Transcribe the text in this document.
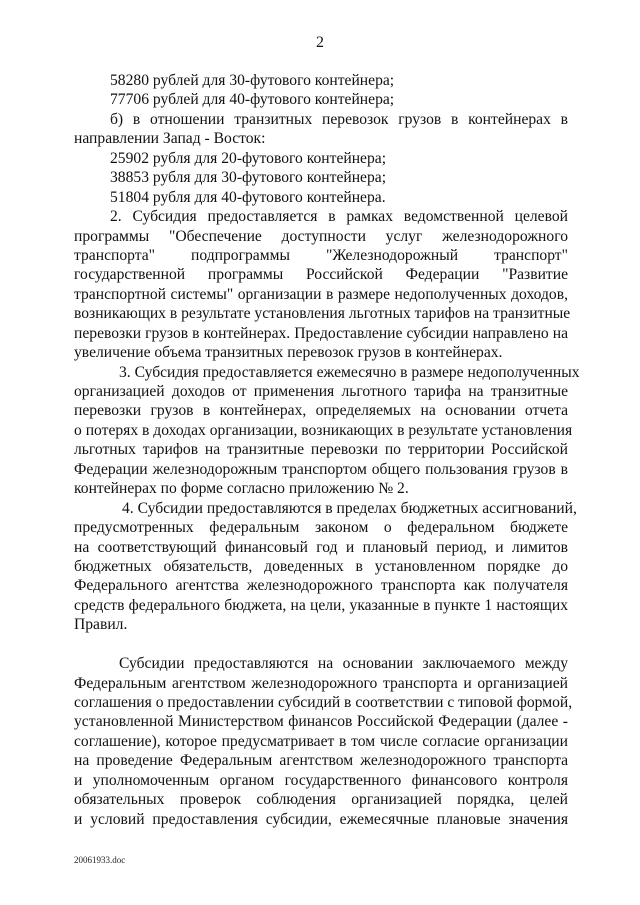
2
58280 рублей для 30-футового контейнера;
77706 рублей для 40-футового контейнера;
б) в отношении транзитных перевозок грузов в контейнерах в
направлении Запад - Восток:
25902 рубля для 20-футового контейнера;
38853 рубля для 30-футового контейнера;
51804 рубля для 40-футового контейнера.
2. Субсидия предоставляется в рамках ведомственной целевой
программы "Обеспечение доступности услуг железнодорожного
транспорта" подпрограммы "Железнодорожный транспорт"
государственной программы Российской Федерации "Развитие
транспортной системы" организации в размере недополученных доходов,
возникающих в результате установления льготных тарифов на транзитные
перевозки грузов в контейнерах. Предоставление субсидии направлено на
увеличение объема транзитных перевозок грузов в контейнерах.
3. Субсидия предоставляется ежемесячно в размере недополученных
организацией доходов от применения льготного тарифа на транзитные
перевозки грузов в контейнерах, определяемых на основании отчета
о потерях в доходах организации, возникающих в результате установления
льготных тарифов на транзитные перевозки по территории Российской
Федерации железнодорожным транспортом общего пользования грузов в
контейнерах по форме согласно приложению № 2.
4. Субсидии предоставляются в пределах бюджетных ассигнований,
предусмотренных федеральным законом о федеральном бюджете
на соответствующий финансовый год и плановый период, и лимитов
бюджетных обязательств, доведенных в установленном порядке до
Федерального агентства железнодорожного транспорта как получателя
средств федерального бюджета, на цели, указанные в пункте 1 настоящих
Правил.
Субсидии предоставляются на основании заключаемого между
Федеральным агентством железнодорожного транспорта и организацией
соглашения о предоставлении субсидий в соответствии с типовой формой,
установленной Министерством финансов Российской Федерации (далее -
соглашение), которое предусматривает в том числе согласие организации
на проведение Федеральным агентством железнодорожного транспорта
и уполномоченным органом государственного финансового контроля
обязательных проверок соблюдения организацией порядка, целей
и условий предоставления субсидии, ежемесячные плановые значения
20061933.doc
